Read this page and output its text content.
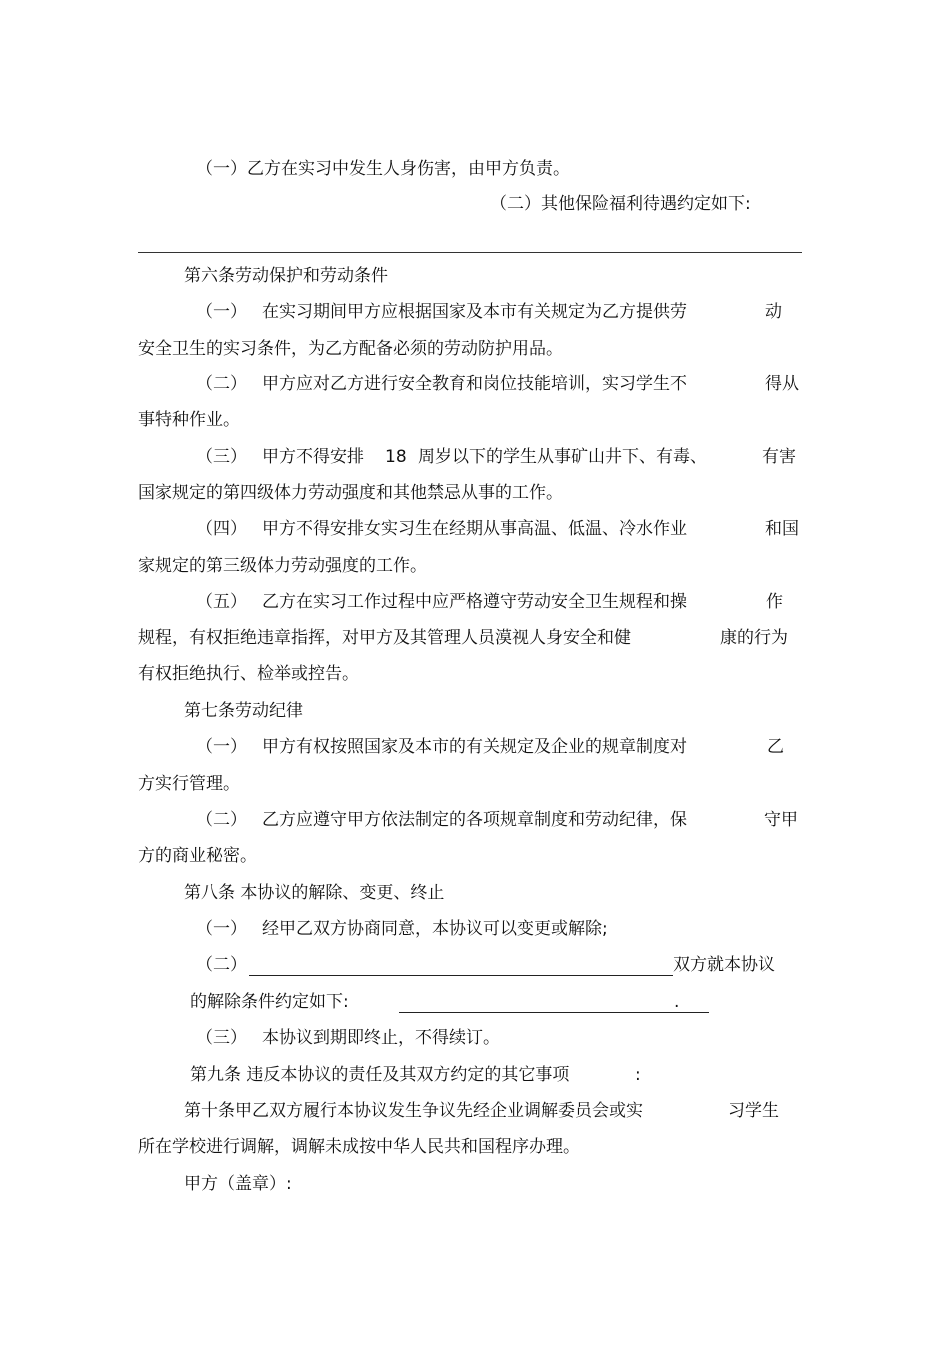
（一）乙方在实习中发生人身伤害，由甲方负责。
（二）其他保险福利待遇约定如下:
第六条劳动保护和劳动条件
（一） 在实习期间甲方应根据国家及本市有关规定为乙方提供劳	动
安全卫生的实习条件，为乙方配备必须的劳动防护用品。
（二） 甲方应对乙方进行安全教育和岗位技能培训，实习学生不	得从
事特种作业。
（三） 甲方不得安排 18 周岁以下的学生从事矿山井下、有毒、	有害
国家规定的第四级体力劳动强度和其他禁忌从事的工作。
（四） 甲方不得安排女实习生在经期从事高温、低温、冷水作业	和国
家规定的第三级体力劳动强度的工作。
（五） 乙方在实习工作过程中应严格遵守劳动安全卫生规程和操	作
规程，有权拒绝违章指挥，对甲方及其管理人员漠视人身安全和健	康的行为
有权拒绝执行、检举或控告。
第七条劳动纪律
（一） 甲方有权按照国家及本市的有关规定及企业的规章制度对	乙
方实行管理。
（二） 乙方应遵守甲方依法制定的各项规章制度和劳动纪律，保	守甲
方的商业秘密。
第八条 本协议的解除、变更、终止
（一） 经甲乙双方协商同意，本协议可以变更或解除;
（二）	双方就本协议
的解除条件约定如下:	.
（三） 本协议到期即终止，不得续订。
第九条 违反本协议的责任及其双方约定的其它事项	:
第十条甲乙双方履行本协议发生争议先经企业调解委员会或实	习学生
所在学校进行调解，调解未成按中华人民共和国程序办理。
甲方（盖章）:
